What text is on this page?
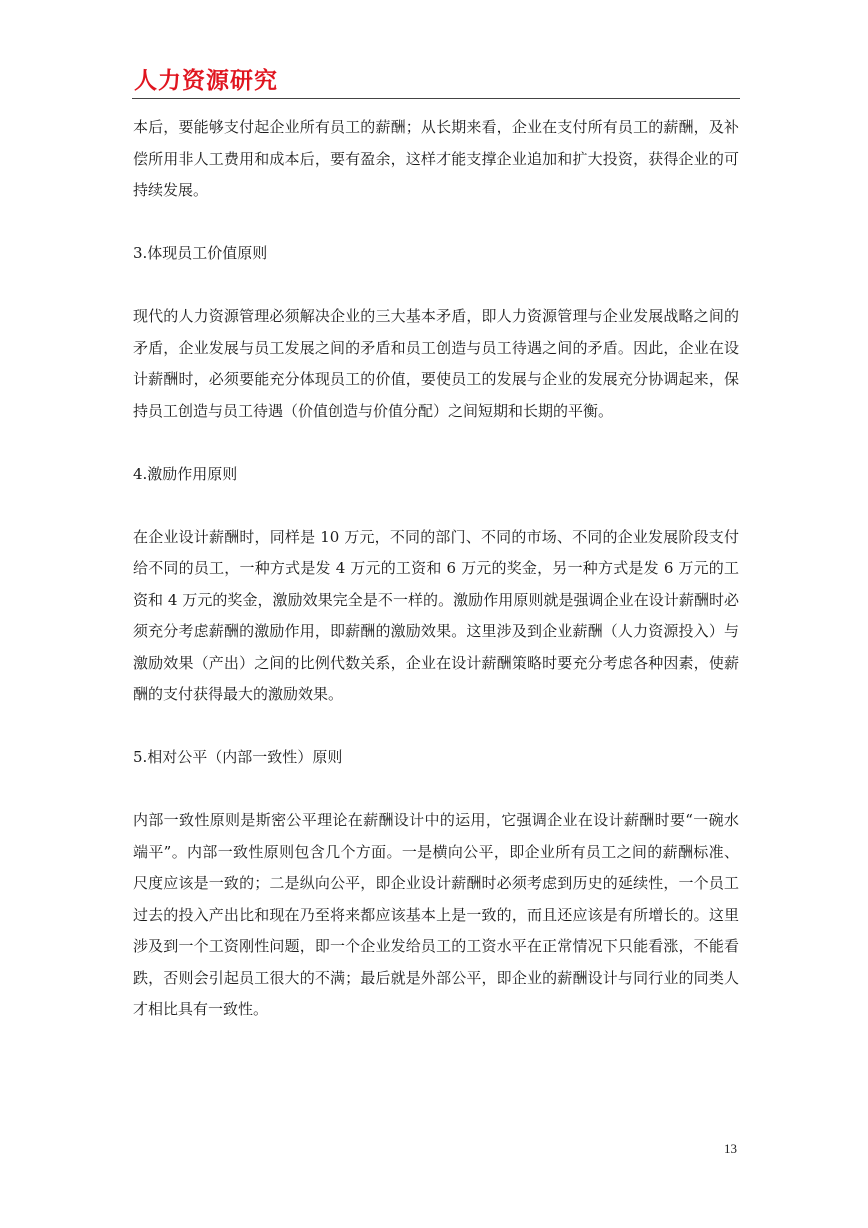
人力资源研究

本后，要能够支付起企业所有员工的薪酬；从长期来看，企业在支付所有员工的薪酬，及补偿所用非人工费用和成本后，要有盈余，这样才能支撑企业追加和扩大投资，获得企业的可持续发展。

3.体现员工价值原则

现代的人力资源管理必须解决企业的三大基本矛盾，即人力资源管理与企业发展战略之间的矛盾，企业发展与员工发展之间的矛盾和员工创造与员工待遇之间的矛盾。因此，企业在设计薪酬时，必须要能充分体现员工的价值，要使员工的发展与企业的发展充分协调起来，保持员工创造与员工待遇（价值创造与价值分配）之间短期和长期的平衡。

4.激励作用原则

在企业设计薪酬时，同样是 10 万元，不同的部门、不同的市场、不同的企业发展阶段支付给不同的员工，一种方式是发 4 万元的工资和 6 万元的奖金，另一种方式是发 6 万元的工资和 4 万元的奖金，激励效果完全是不一样的。激励作用原则就是强调企业在设计薪酬时必须充分考虑薪酬的激励作用，即薪酬的激励效果。这里涉及到企业薪酬（人力资源投入）与激励效果（产出）之间的比例代数关系，企业在设计薪酬策略时要充分考虑各种因素，使薪酬的支付获得最大的激励效果。

5.相对公平（内部一致性）原则

内部一致性原则是斯密公平理论在薪酬设计中的运用，它强调企业在设计薪酬时要“一碗水端平”。内部一致性原则包含几个方面。一是横向公平，即企业所有员工之间的薪酬标准、尺度应该是一致的；二是纵向公平，即企业设计薪酬时必须考虑到历史的延续性，一个员工过去的投入产出比和现在乃至将来都应该基本上是一致的，而且还应该是有所增长的。这里涉及到一个工资刚性问题，即一个企业发给员工的工资水平在正常情况下只能看涨，不能看跌，否则会引起员工很大的不满；最后就是外部公平，即企业的薪酬设计与同行业的同类人才相比具有一致性。

13
